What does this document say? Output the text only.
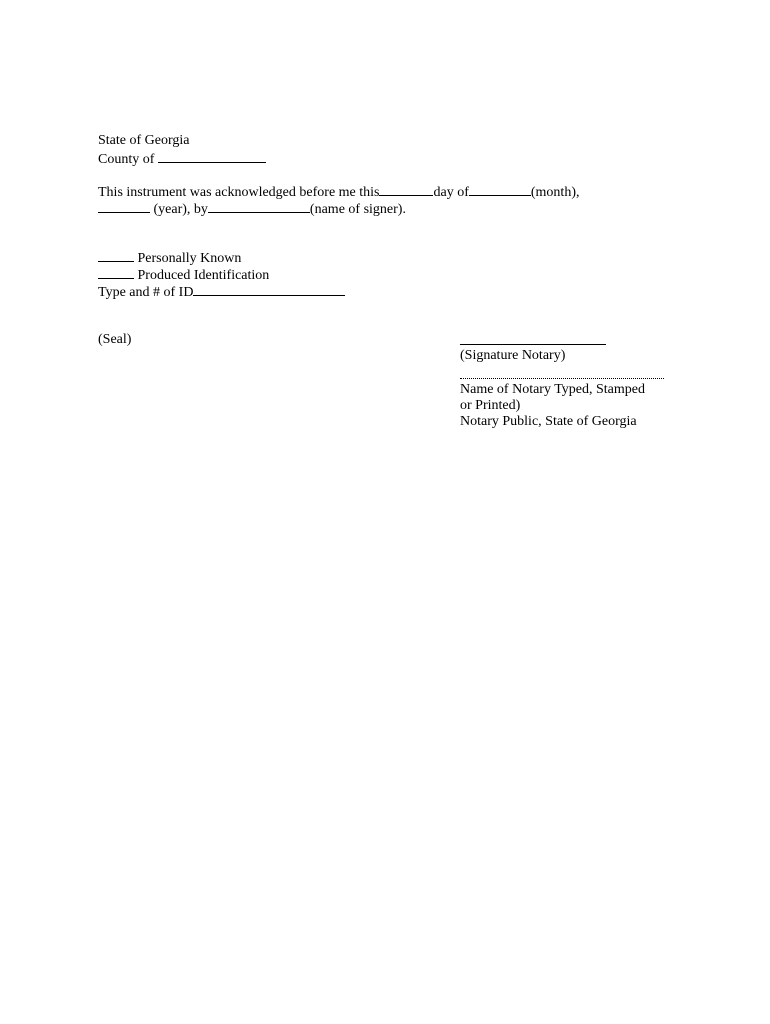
State of Georgia
County of
This instrument was acknowledged before me this	day of	(month),
(year), by	(name of signer).
Personally Known
Produced Identification
Type and # of ID
(Seal)
(Signature Notary)
Name of Notary Typed, Stamped
or Printed)
Notary Public, State of Georgia
